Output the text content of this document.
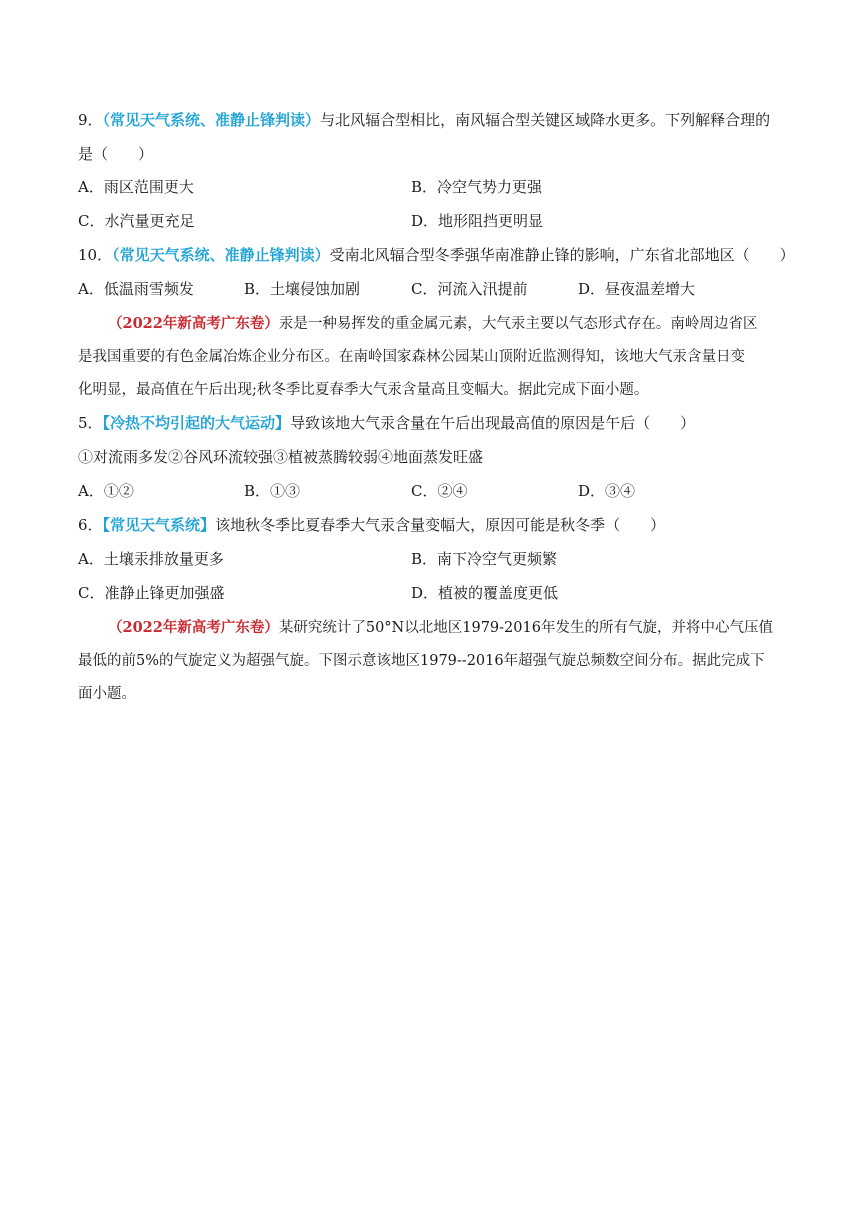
9．（常见天气系统、准静止锋判读）与北风辐合型相比，南风辐合型关键区域降水更多。下列解释合理的
是（　　）
A．雨区范围更大	B．冷空气势力更强
C．水汽量更充足	D．地形阻挡更明显
10．（常见天气系统、准静止锋判读）受南北风辐合型冬季强华南准静止锋的影响，广东省北部地区（　　）
A．低温雨雪频发	B．土壤侵蚀加剧	C．河流入汛提前	D．昼夜温差增大
（2022年新高考广东卷）汞是一种易挥发的重金属元素，大气汞主要以气态形式存在。南岭周边省区
是我国重要的有色金属冶炼企业分布区。在南岭国家森林公园某山顶附近监测得知，该地大气汞含量日变
化明显，最高值在午后出现;秋冬季比夏春季大气汞含量高且变幅大。据此完成下面小题。
5．【冷热不均引起的大气运动】导致该地大气汞含量在午后出现最高值的原因是午后（　　）
①对流雨多发②谷风环流较强③植被蒸腾较弱④地面蒸发旺盛
A．①②	B．①③	C．②④	D．③④
6．【常见天气系统】该地秋冬季比夏春季大气汞含量变幅大，原因可能是秋冬季（　　）
A．土壤汞排放量更多	B．南下冷空气更频繁
C．准静止锋更加强盛	D．植被的覆盖度更低
（2022年新高考广东卷）某研究统计了50°N以北地区1979-2016年发生的所有气旋，并将中心气压值
最低的前5%的气旋定义为超强气旋。下图示意该地区1979--2016年超强气旋总频数空间分布。据此完成下
面小题。
